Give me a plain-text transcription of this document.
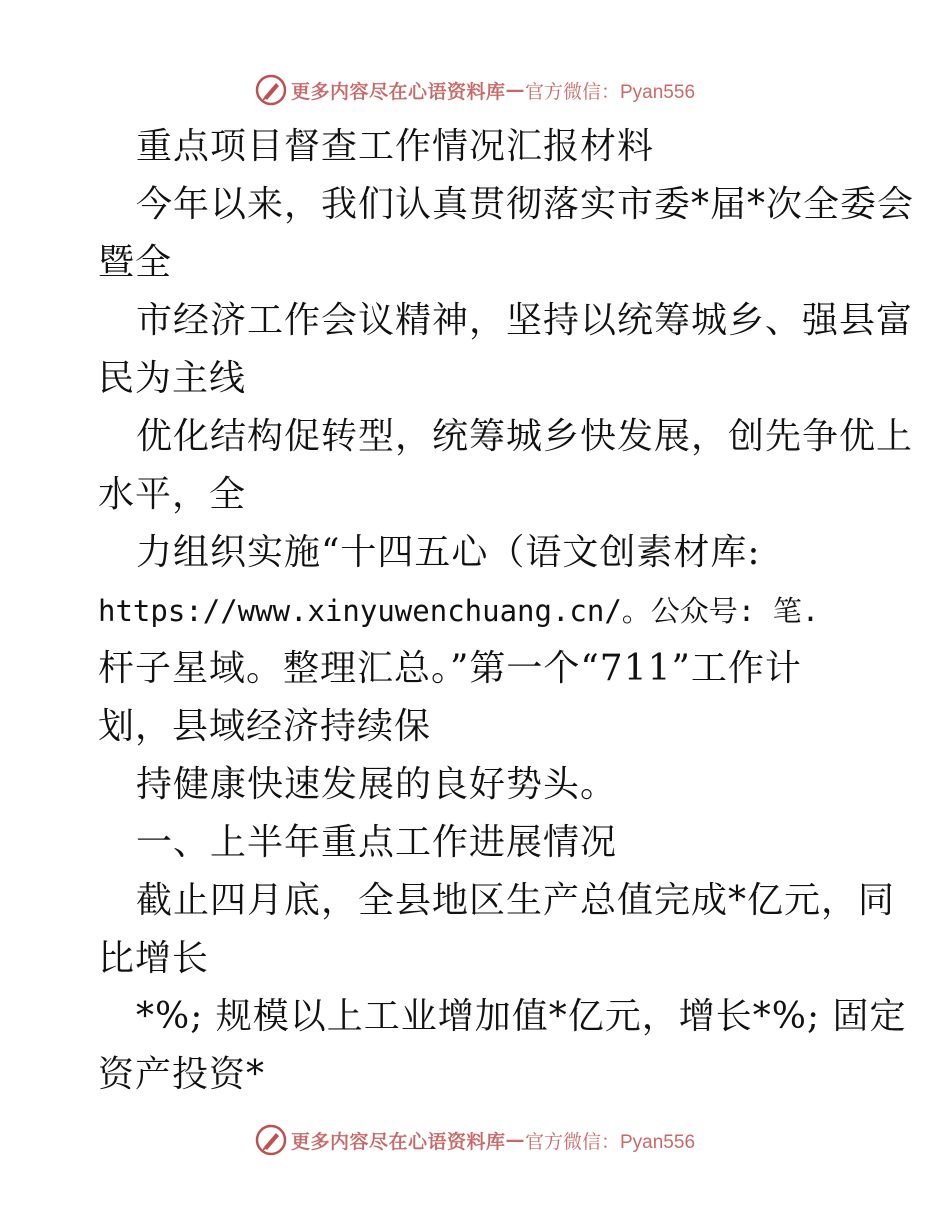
更多内容尽在心语资料库 — 官方微信：Pyan556
重点项目督查工作情况汇报材料
今年以来，我们认真贯彻落实市委*届*次全委会
暨全
市经济工作会议精神，坚持以统筹城乡、强县富
民为主线
优化结构促转型，统筹城乡快发展，创先争优上
水平，全
力组织实施“十四五心（语文创素材库:
https://www.xinyuwenchuang.cn/。公众号: 笔.
杆子星域。整理汇总。”第一个“711”工作计
划，县域经济持续保
持健康快速发展的良好势头。
一、上半年重点工作进展情况
截止四月底，全县地区生产总值完成*亿元，同
比增长
*%; 规模以上工业增加值*亿元，增长*%; 固定
资产投资*
更多内容尽在心语资料库 — 官方微信：Pyan556
